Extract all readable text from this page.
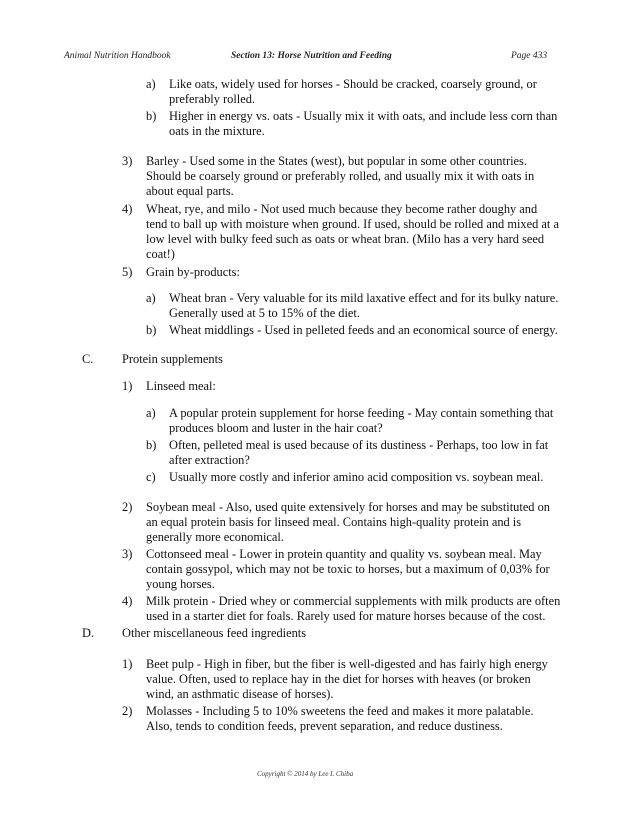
Animal Nutrition Handbook	Section 13: Horse Nutrition and Feeding	Page 433
a) Like oats, widely used for horses - Should be cracked, coarsely ground, or
preferably rolled.
b) Higher in energy vs. oats - Usually mix it with oats, and include less corn than
oats in the mixture.
3) Barley - Used some in the States (west), but popular in some other countries.
Should be coarsely ground or preferably rolled, and usually mix it with oats in
about equal parts.
4) Wheat, rye, and milo - Not used much because they become rather doughy and
tend to ball up with moisture when ground. If used, should be rolled and mixed at a
low level with bulky feed such as oats or wheat bran. (Milo has a very hard seed
coat!)
5) Grain by-products:
a) Wheat bran - Very valuable for its mild laxative effect and for its bulky nature.
Generally used at 5 to 15% of the diet.
b) Wheat middlings - Used in pelleted feeds and an economical source of energy.
C. Protein supplements
1) Linseed meal:
a) A popular protein supplement for horse feeding - May contain something that
produces bloom and luster in the hair coat?
b) Often, pelleted meal is used because of its dustiness - Perhaps, too low in fat
after extraction?
c) Usually more costly and inferior amino acid composition vs. soybean meal.
2) Soybean meal - Also, used quite extensively for horses and may be substituted on
an equal protein basis for linseed meal. Contains high-quality protein and is
generally more economical.
3) Cottonseed meal - Lower in protein quantity and quality vs. soybean meal. May
contain gossypol, which may not be toxic to horses, but a maximum of 0,03% for
young horses.
4) Milk protein - Dried whey or commercial supplements with milk products are often
used in a starter diet for foals. Rarely used for mature horses because of the cost.
D. Other miscellaneous feed ingredients
1) Beet pulp - High in fiber, but the fiber is well-digested and has fairly high energy
value. Often, used to replace hay in the diet for horses with heaves (or broken
wind, an asthmatic disease of horses).
2) Molasses - Including 5 to 10% sweetens the feed and makes it more palatable.
Also, tends to condition feeds, prevent separation, and reduce dustiness.
Copyright © 2014 by Lee I. Chiba
